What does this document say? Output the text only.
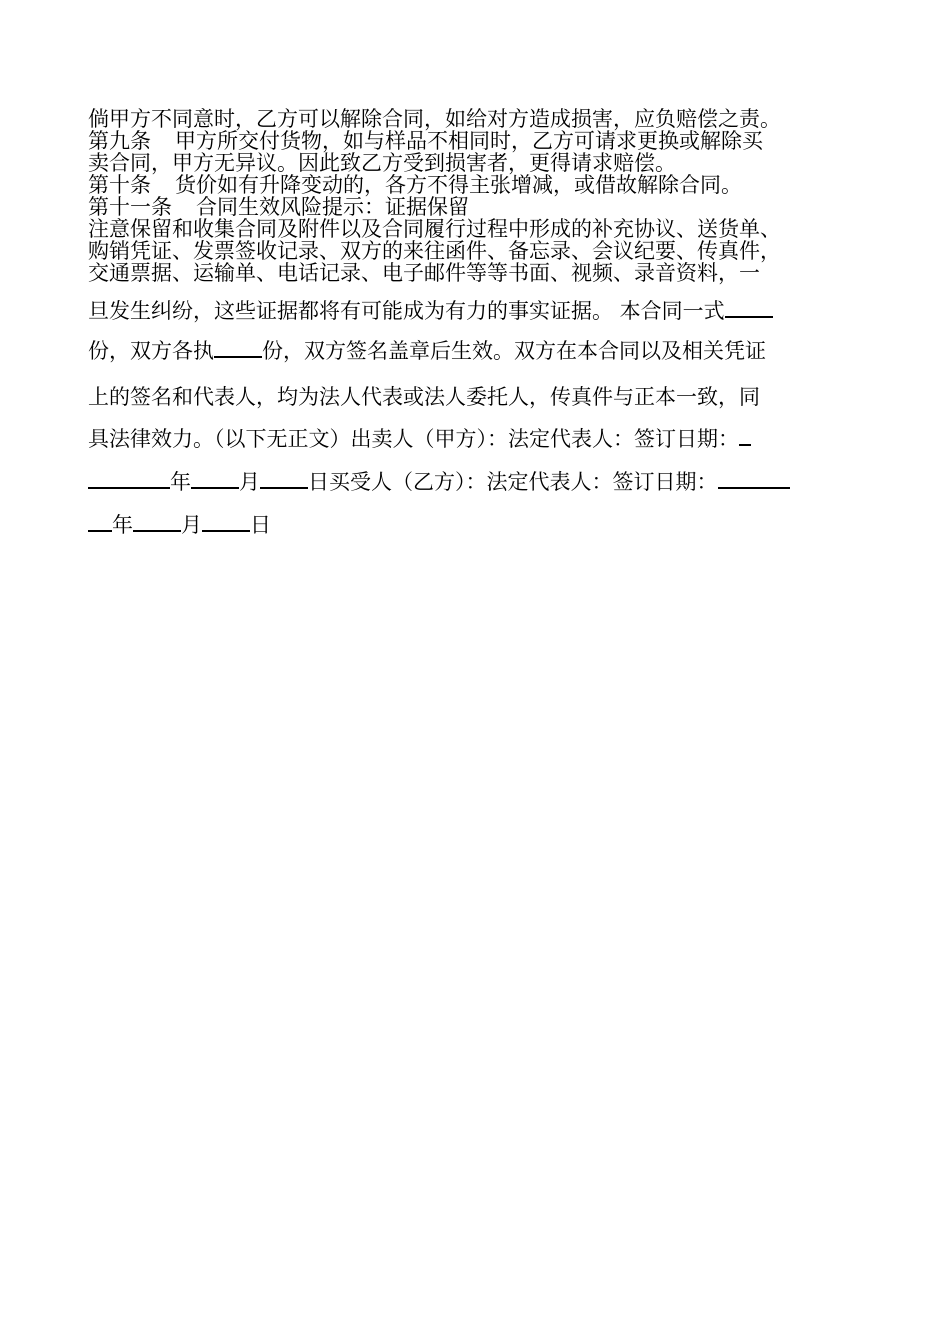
倘甲方不同意时，乙方可以解除合同，如给对方造成损害，应负赔偿之责。

第九条 甲方所交付货物，如与样品不相同时，乙方可请求更换或解除买

卖合同，甲方无异议。因此致乙方受到损害者，更得请求赔偿。

第十条 货价如有升降变动的，各方不得主张增减，或借故解除合同。

第十一条 合同生效风险提示：证据保留

注意保留和收集合同及附件以及合同履行过程中形成的补充协议、送货单、

购销凭证、发票签收记录、双方的来往函件、备忘录、会议纪要、传真件，

交通票据、运输单、电话记录、电子邮件等等书面、视频、录音资料，一

旦发生纠纷，这些证据都将有可能成为有力的事实证据。 本合同一式
份，双方各执 份，双方签名盖章后生效。双方在本合同以及相关凭证
上的签名和代表人，均为法人代表或法人委托人，传真件与正本一致，同
具法律效力。（以下无正文）出卖人（甲方）：法定代表人：签订日期：
年 月 日买受人（乙方）：法定代表人：签订日期：
年 月 日
